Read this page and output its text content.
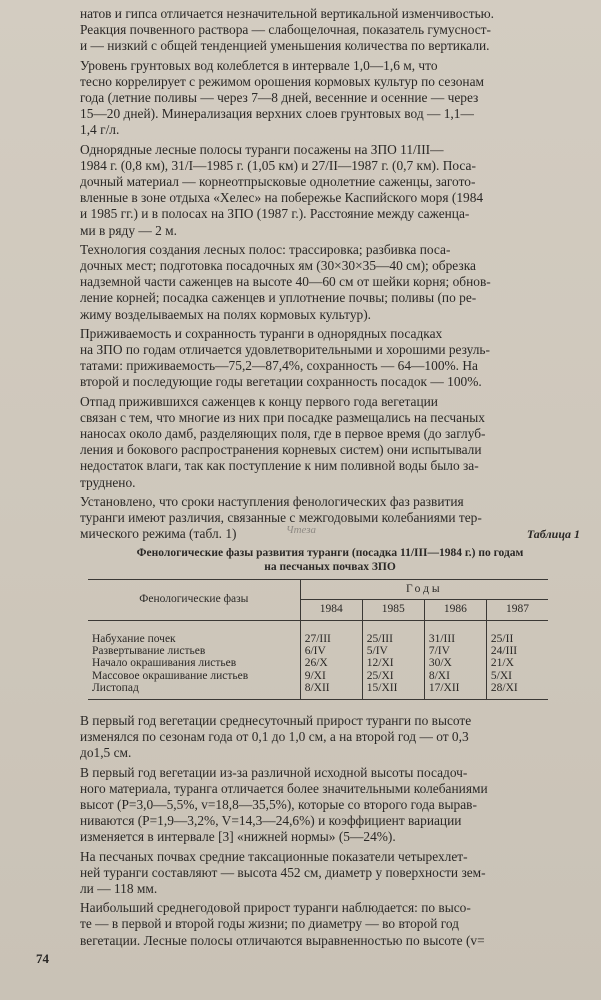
натов и гипса отличается незначительной вертикальной изменчивостью.
Реакция почвенного раствора — слабощелочная, показатель гумусност-
и — низкий с общей тенденцией уменьшения количества по вертикали.

Уровень грунтовых вод колеблется в интервале 1,0—1,6 м, что
тесно коррелирует с режимом орошения кормовых культур по сезонам
года (летние поливы — через 7—8 дней, весенние и осенние — через
15—20 дней). Минерализация верхних слоев грунтовых вод — 1,1—
1,4 г/л.

Однорядные лесные полосы туранги посажены на ЗПО 11/III—
1984 г. (0,8 км), 31/I—1985 г. (1,05 км) и 27/II—1987 г. (0,7 км). Поса-
дочный материал — корнеотпрысковые однолетние саженцы, загото-
вленные в зоне отдыха «Хелес» на побережье Каспийского моря (1984
и 1985 гг.) и в полосах на ЗПО (1987 г.). Расстояние между саженца-
ми в ряду — 2 м.

Технология создания лесных полос: трассировка; разбивка поса-
дочных мест; подготовка посадочных ям (30×30×35—40 см); обрезка
надземной части саженцев на высоте 40—60 см от шейки корня; обнов-
ление корней; посадка саженцев и уплотнение почвы; поливы (по ре-
жиму возделываемых на полях кормовых культур).

Приживаемость и сохранность туранги в однорядных посадках
на ЗПО по годам отличается удовлетворительными и хорошими резуль-
татами: приживаемость—75,2—87,4%, сохранность — 64—100%. На
второй и последующие годы вегетации сохранность посадок — 100%.

Отпад прижившихся саженцев к концу первого года вегетации
связан с тем, что многие из них при посадке размещались на песчаных
наносах около дамб, разделяющих поля, где в первое время (до заглуб-
ления и бокового распространения корневых систем) они испытывали
недостаток влаги, так как поступление к ним поливной воды было за-
труднено.

Установлено, что сроки наступления фенологических фаз развития
туранги имеют различия, связанные с межгодовыми колебаниями тер-
мического режима (табл. 1)	Чтеза	Таблица 1
Фенологические фазы развития туранги (посадка 11/III—1984 г.) по годам
на песчаных почвах ЗПО
Фенологические фазы	Годы			
	1984	1985	1986	1987
Набухание почек	27/III	25/III	31/III	25/II
Развертывание листьев	6/IV	5/IV	7/IV	24/III
Начало окрашивания листьев	26/X	12/XI	30/X	21/X
Массовое окрашивание листьев	9/XI	25/XI	8/XI	5/XI
Листопад	8/XII	15/XII	17/XII	28/XI

В первый год вегетации среднесуточный прирост туранги по высоте
изменялся по сезонам года от 0,1 до 1,0 см, а на второй год — от 0,3
до1,5 см.

В первый год вегетации из-за различной исходной высоты посадоч-
ного материала, туранга отличается более значительными колебаниями
высот (P=3,0—5,5%, v=18,8—35,5%), которые со второго года вырав-
ниваются (P=1,9—3,2%, V=14,3—24,6%) и коэффициент вариации
изменяется в интервале [3] «нижней нормы» (5—24%).

На песчаных почвах средние таксационные показатели четырехлет-
ней туранги составляют — высота 452 см, диаметр у поверхности зем-
ли — 118 мм.

Наибольший среднегодовой прирост туранги наблюдается: по высо-
те — в первой и второй годы жизни; по диаметру — во второй год
вегетации. Лесные полосы отличаются выравненностью по высоте (v=

74
